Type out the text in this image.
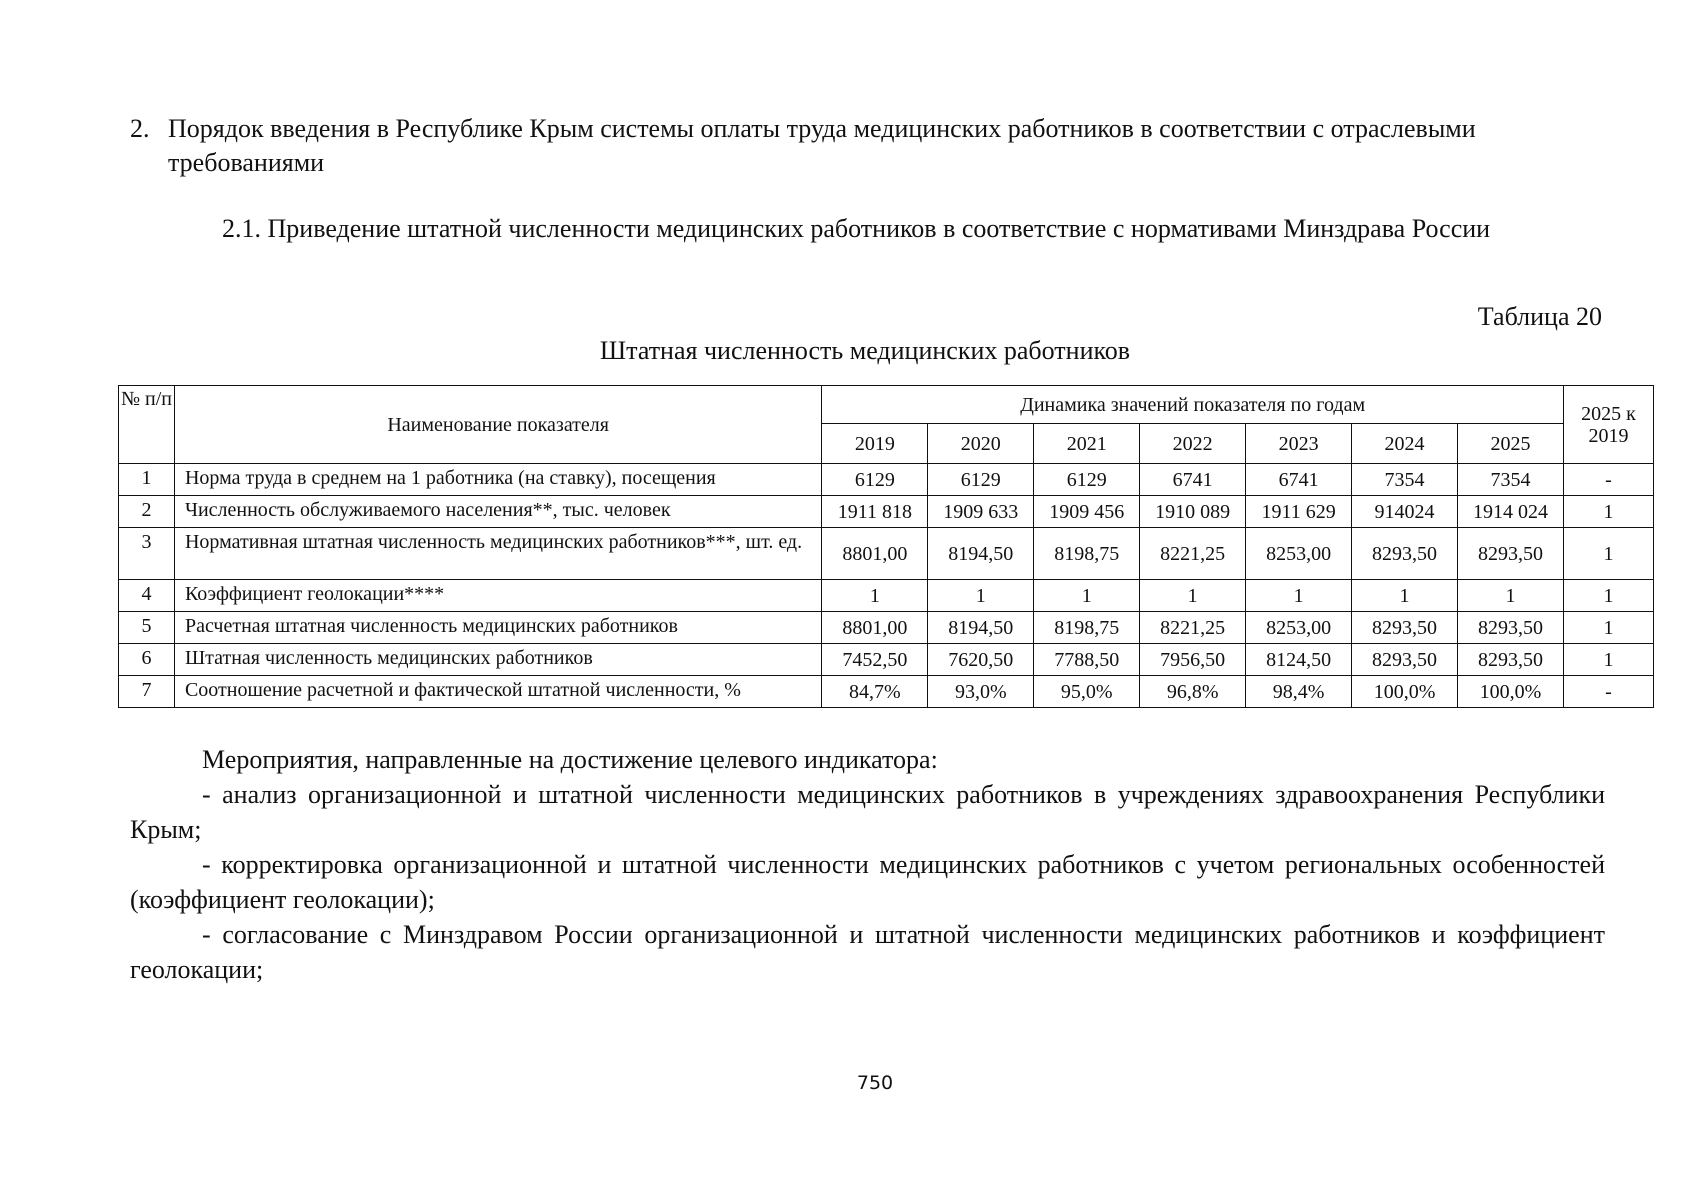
2. Порядок введения в Республике Крым системы оплаты труда медицинских работников в соответствии с отраслевыми требованиями
2.1. Приведение штатной численности медицинских работников в соответствие с нормативами Минздрава России
Таблица 20
Штатная численность медицинских работников
№ п/п	Наименование показателя	Динамика значений показателя по годам							2025 к 2019
		2019	2020	2021	2022	2023	2024	2025	
1	Норма труда в среднем на 1 работника (на ставку), посещения	6129	6129	6129	6741	6741	7354	7354	-
2	Численность обслуживаемого населения**, тыс. человек	1911 818	1909 633	1909 456	1910 089	1911 629	914024	1914 024	1
3	Нормативная штатная численность медицинских работников***, шт. ед.	8801,00	8194,50	8198,75	8221,25	8253,00	8293,50	8293,50	1
4	Коэффициент геолокации****	1	1	1	1	1	1	1	1
5	Расчетная штатная численность медицинских работников	8801,00	8194,50	8198,75	8221,25	8253,00	8293,50	8293,50	1
6	Штатная численность медицинских работников	7452,50	7620,50	7788,50	7956,50	8124,50	8293,50	8293,50	1
7	Соотношение расчетной и фактической штатной численности, %	84,7%	93,0%	95,0%	96,8%	98,4%	100,0%	100,0%	-

Мероприятия, направленные на достижение целевого индикатора:

- анализ организационной и штатной численности медицинских работников в учреждениях здравоохранения Республики Крым;

- корректировка организационной и штатной численности медицинских работников с учетом региональных особенностей (коэффициент геолокации);

- согласование с Минздравом России организационной и штатной численности медицинских работников и коэффициент геолокации;

750
